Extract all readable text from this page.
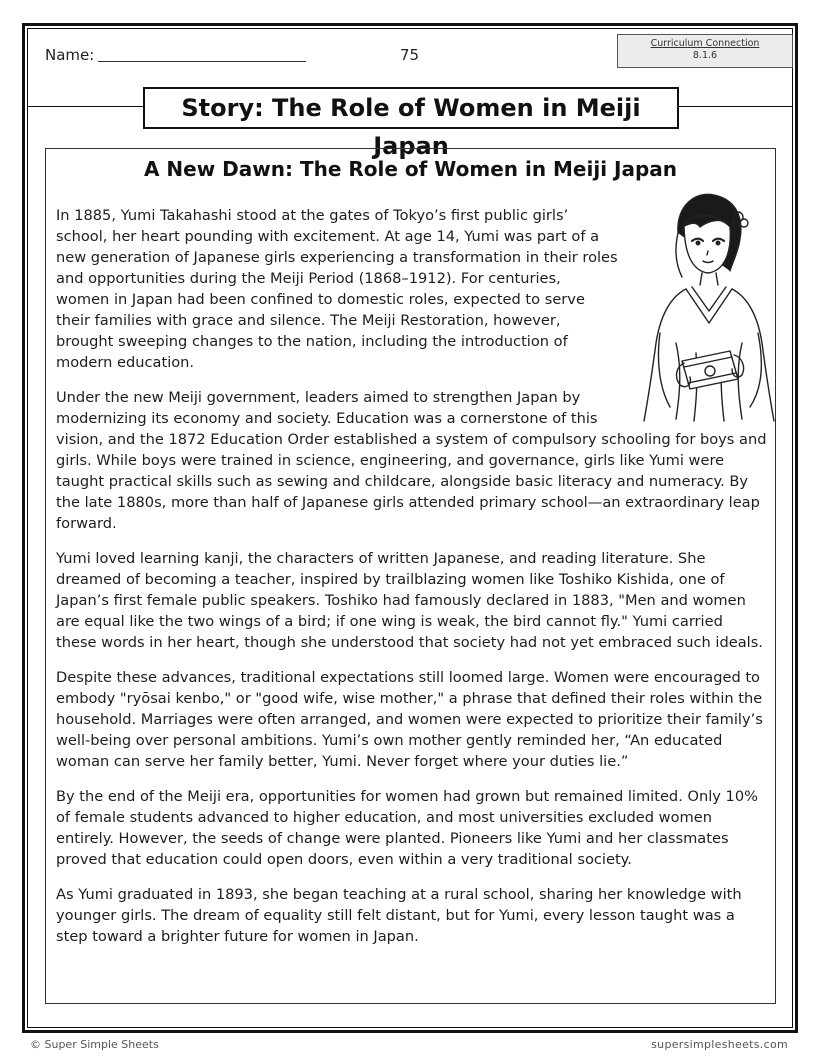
Name:	75
Curriculum Connection
8.1.6
Story: The Role of Women in Meiji Japan
A New Dawn: The Role of Women in Meiji Japan

In 1885, Yumi Takahashi stood at the gates of Tokyo’s first public girls’ school, her heart pounding with excitement. At age 14, Yumi was part of a new generation of Japanese girls experiencing a transformation in their roles and opportunities during the Meiji Period (1868–1912). For centuries, women in Japan had been confined to domestic roles, expected to serve their families with grace and silence. The Meiji Restoration, however, brought sweeping changes to the nation, including the introduction of modern education.

Under the new Meiji government, leaders aimed to strengthen Japan by modernizing its economy and society. Education was a cornerstone of this vision, and the 1872 Education Order established a system of compulsory schooling for boys and girls. While boys were trained in science, engineering, and governance, girls like Yumi were taught practical skills such as sewing and childcare, alongside basic literacy and numeracy. By the late 1880s, more than half of Japanese girls attended primary school—an extraordinary leap forward.

Yumi loved learning kanji, the characters of written Japanese, and reading literature. She dreamed of becoming a teacher, inspired by trailblazing women like Toshiko Kishida, one of Japan’s first female public speakers. Toshiko had famously declared in 1883, "Men and women are equal like the two wings of a bird; if one wing is weak, the bird cannot fly." Yumi carried these words in her heart, though she understood that society had not yet embraced such ideals.

Despite these advances, traditional expectations still loomed large. Women were encouraged to embody "ryōsai kenbo," or "good wife, wise mother," a phrase that defined their roles within the household. Marriages were often arranged, and women were expected to prioritize their family’s well-being over personal ambitions. Yumi’s own mother gently reminded her, “An educated woman can serve her family better, Yumi. Never forget where your duties lie.”

By the end of the Meiji era, opportunities for women had grown but remained limited. Only 10% of female students advanced to higher education, and most universities excluded women entirely. However, the seeds of change were planted. Pioneers like Yumi and her classmates proved that education could open doors, even within a very traditional society.

As Yumi graduated in 1893, she began teaching at a rural school, sharing her knowledge with younger girls. The dream of equality still felt distant, but for Yumi, every lesson taught was a step toward a brighter future for women in Japan.

© Super Simple Sheets	supersimplesheets.com
